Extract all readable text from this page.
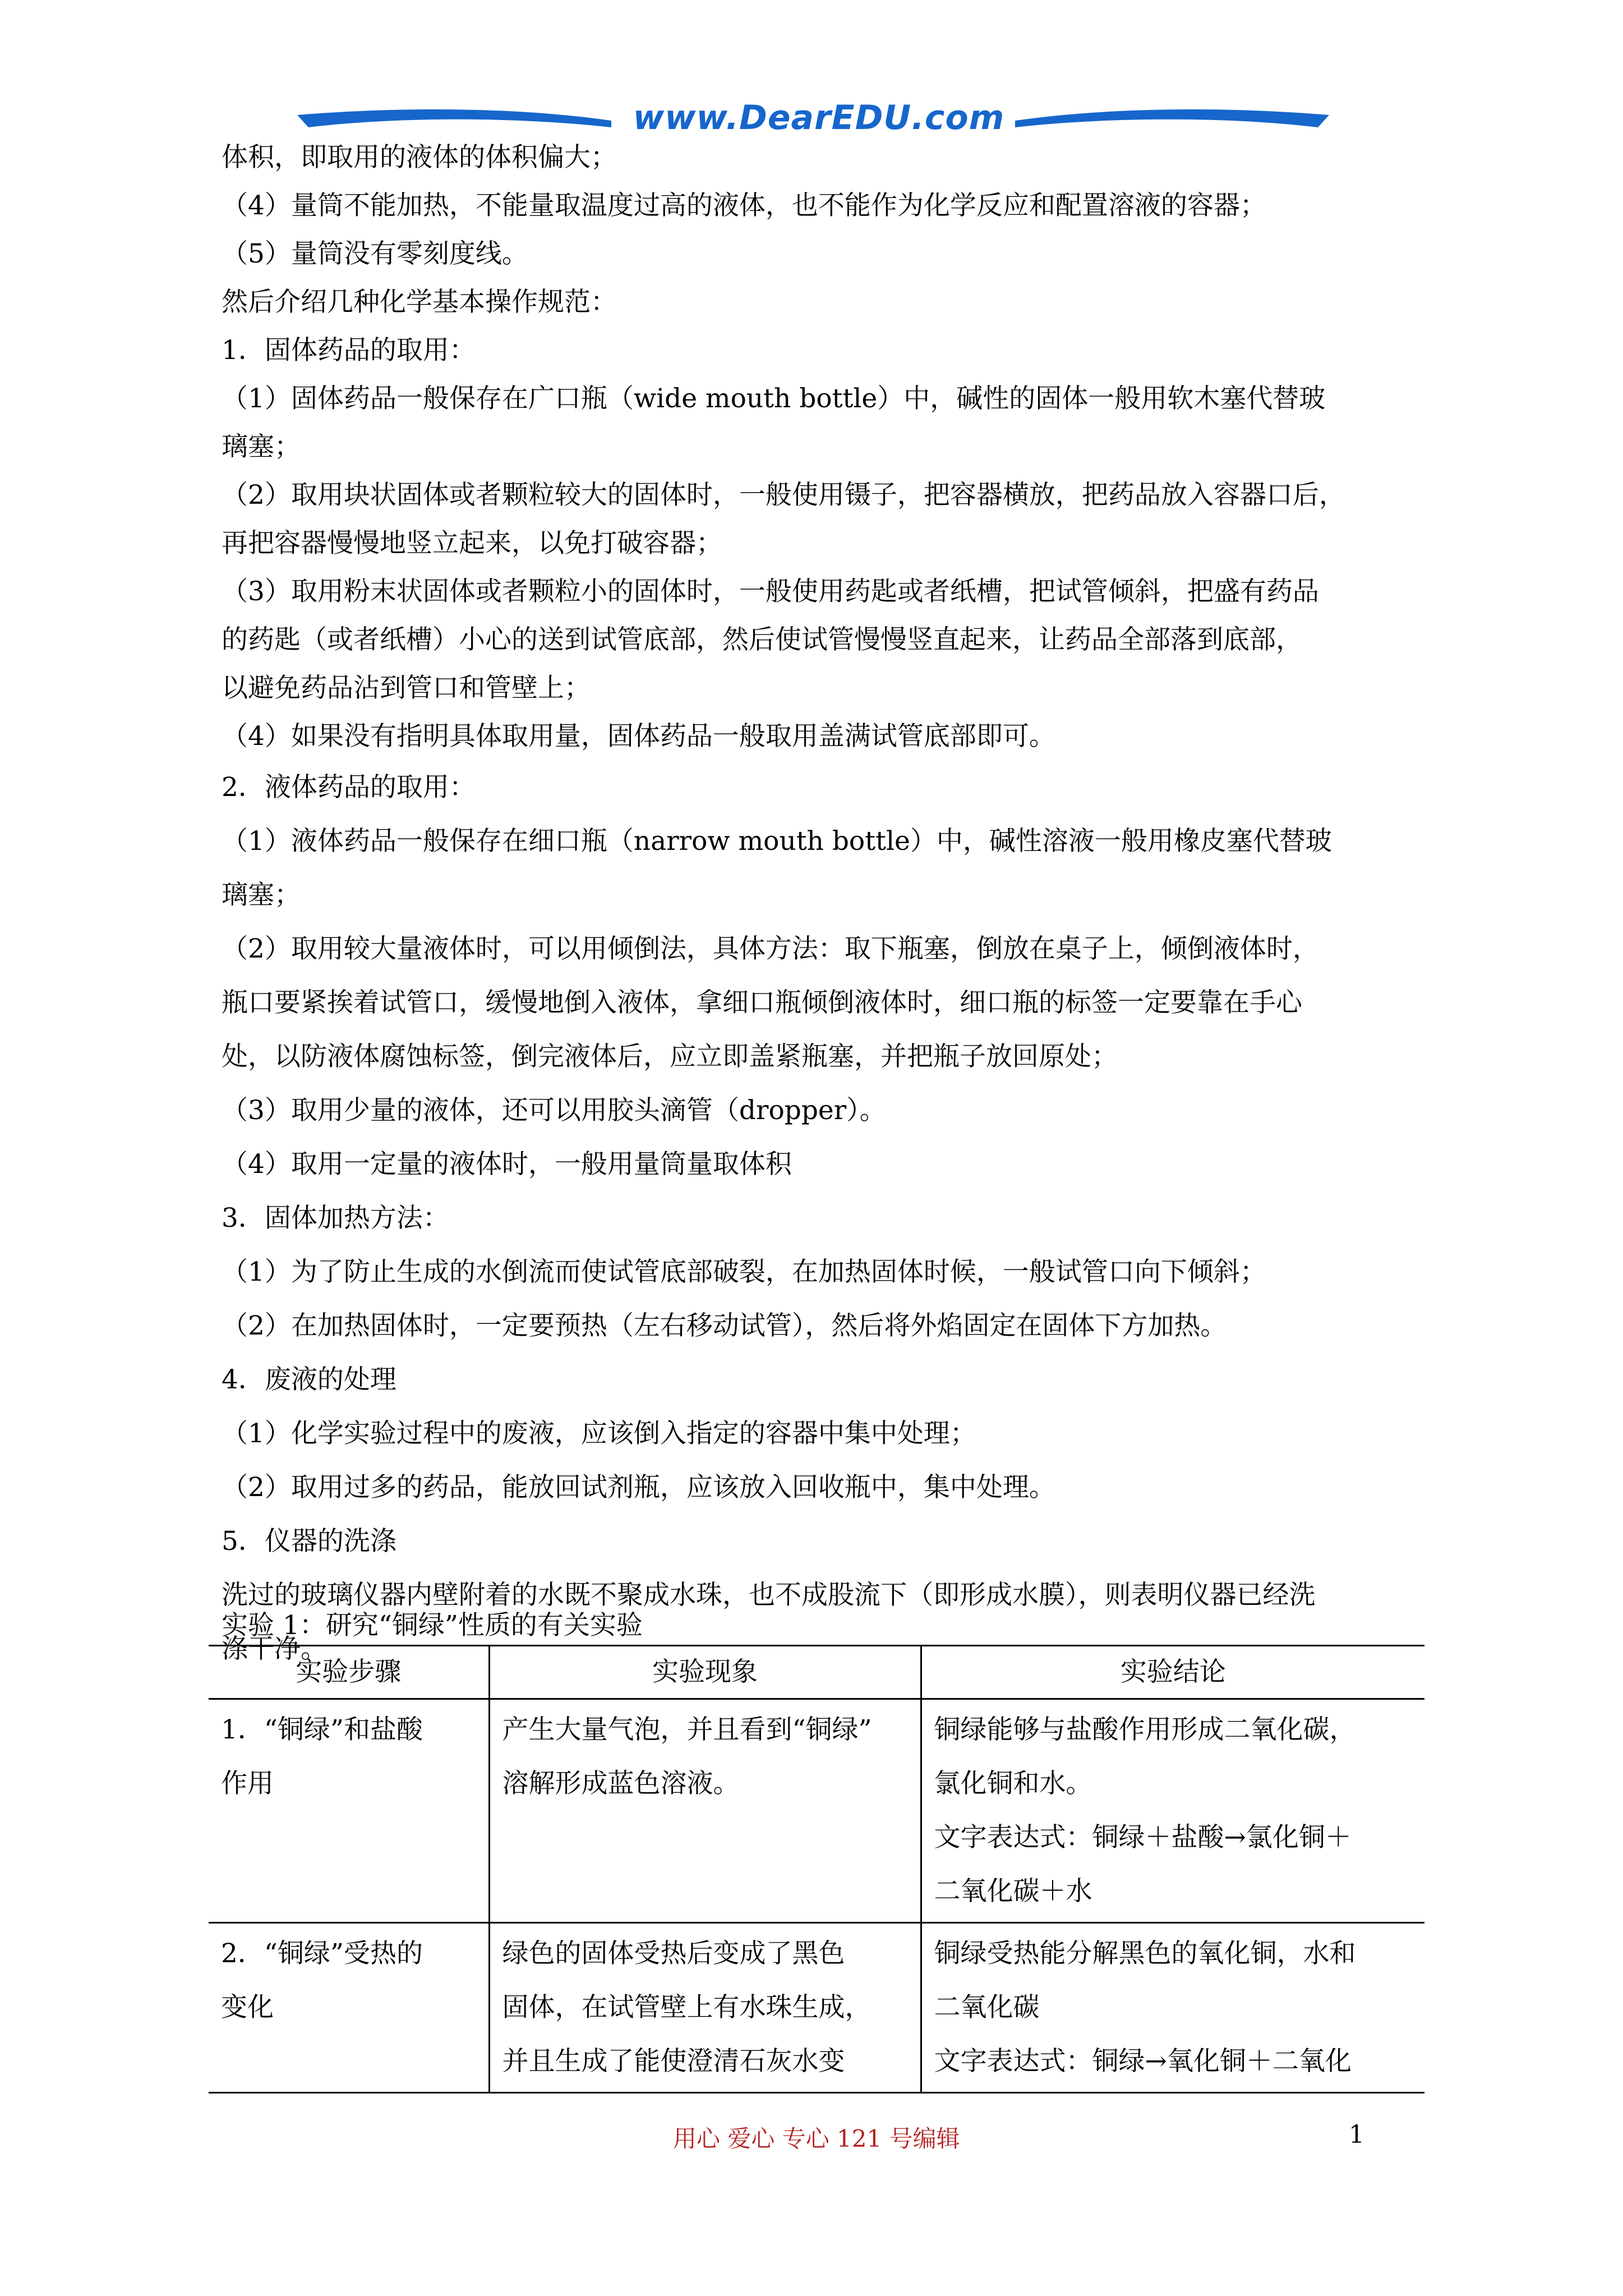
www.DearEDU.com
体积，即取用的液体的体积偏大；
（4）量筒不能加热，不能量取温度过高的液体，也不能作为化学反应和配置溶液的容器；
（5）量筒没有零刻度线。
然后介绍几种化学基本操作规范：
1．固体药品的取用：
（1）固体药品一般保存在广口瓶（wide mouth bottle）中，碱性的固体一般用软木塞代替玻
璃塞；
（2）取用块状固体或者颗粒较大的固体时，一般使用镊子，把容器横放，把药品放入容器口后，
再把容器慢慢地竖立起来，以免打破容器；
（3）取用粉末状固体或者颗粒小的固体时，一般使用药匙或者纸槽，把试管倾斜，把盛有药品
的药匙（或者纸槽）小心的送到试管底部，然后使试管慢慢竖直起来，让药品全部落到底部，
以避免药品沾到管口和管壁上；
（4）如果没有指明具体取用量，固体药品一般取用盖满试管底部即可。
2．液体药品的取用：
（1）液体药品一般保存在细口瓶（narrow mouth bottle）中，碱性溶液一般用橡皮塞代替玻
璃塞；
（2）取用较大量液体时，可以用倾倒法，具体方法：取下瓶塞，倒放在桌子上，倾倒液体时，
瓶口要紧挨着试管口，缓慢地倒入液体，拿细口瓶倾倒液体时，细口瓶的标签一定要靠在手心
处，以防液体腐蚀标签，倒完液体后，应立即盖紧瓶塞，并把瓶子放回原处；
（3）取用少量的液体，还可以用胶头滴管（dropper）。
（4）取用一定量的液体时，一般用量筒量取体积
3．固体加热方法：
（1）为了防止生成的水倒流而使试管底部破裂，在加热固体时候，一般试管口向下倾斜；
（2）在加热固体时，一定要预热（左右移动试管），然后将外焰固定在固体下方加热。
4．废液的处理
（1）化学实验过程中的废液，应该倒入指定的容器中集中处理；
（2）取用过多的药品，能放回试剂瓶，应该放入回收瓶中，集中处理。
5．仪器的洗涤
洗过的玻璃仪器内壁附着的水既不聚成水珠，也不成股流下（即形成水膜），则表明仪器已经洗
涤干净。
实验 1：研究“铜绿”性质的有关实验
实验步骤	实验现象	实验结论

1．“铜绿”和盐酸
作用	产生大量气泡，并且看到“铜绿”
溶解形成蓝色溶液。	铜绿能够与盐酸作用形成二氧化碳，
氯化铜和水。
文字表达式：铜绿＋盐酸→氯化铜＋
二氧化碳＋水

2．“铜绿”受热的
变化	绿色的固体受热后变成了黑色
固体，在试管壁上有水珠生成，
并且生成了能使澄清石灰水变	铜绿受热能分解黑色的氧化铜，水和
二氧化碳
文字表达式：铜绿→氧化铜＋二氧化
用心 爱心 专心 121 号编辑	1
